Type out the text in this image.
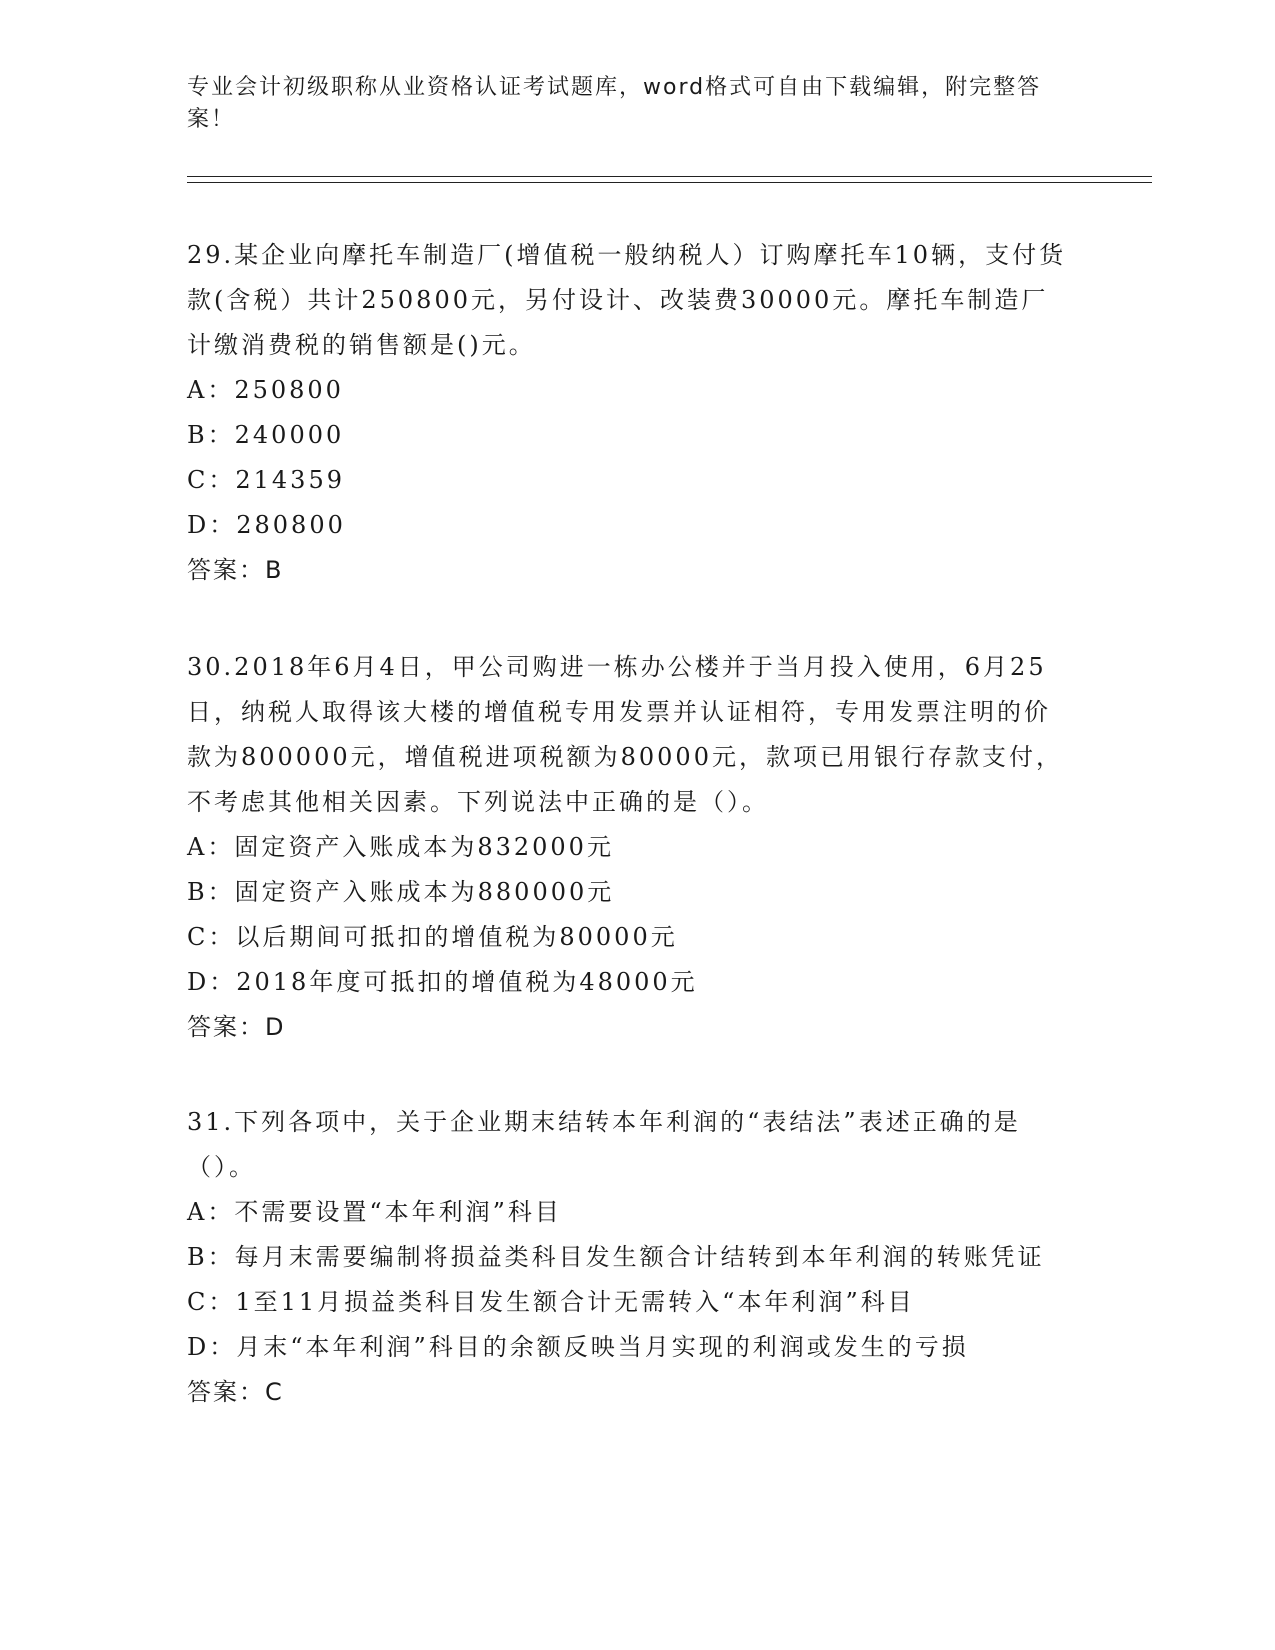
专业会计初级职称从业资格认证考试题库，word格式可自由下载编辑，附完整答案！

29.某企业向摩托车制造厂(增值税一般纳税人）订购摩托车10辆，支付货款(含税）共计250800元，另付设计、改装费30000元。摩托车制造厂计缴消费税的销售额是()元。

A：250800

B：240000

C：214359

D：280800

答案：B

30.2018年6月4日，甲公司购进一栋办公楼并于当月投入使用，6月25日，纳税人取得该大楼的增值税专用发票并认证相符，专用发票注明的价款为800000元，增值税进项税额为80000元，款项已用银行存款支付，不考虑其他相关因素。下列说法中正确的是（）。

A：固定资产入账成本为832000元

B：固定资产入账成本为880000元

C：以后期间可抵扣的增值税为80000元

D：2018年度可抵扣的增值税为48000元

答案：D

31.下列各项中，关于企业期末结转本年利润的“表结法”表述正确的是（）。

A：不需要设置“本年利润”科目

B：每月末需要编制将损益类科目发生额合计结转到本年利润的转账凭证

C：1至11月损益类科目发生额合计无需转入“本年利润”科目

D：月末“本年利润”科目的余额反映当月实现的利润或发生的亏损

答案：C
